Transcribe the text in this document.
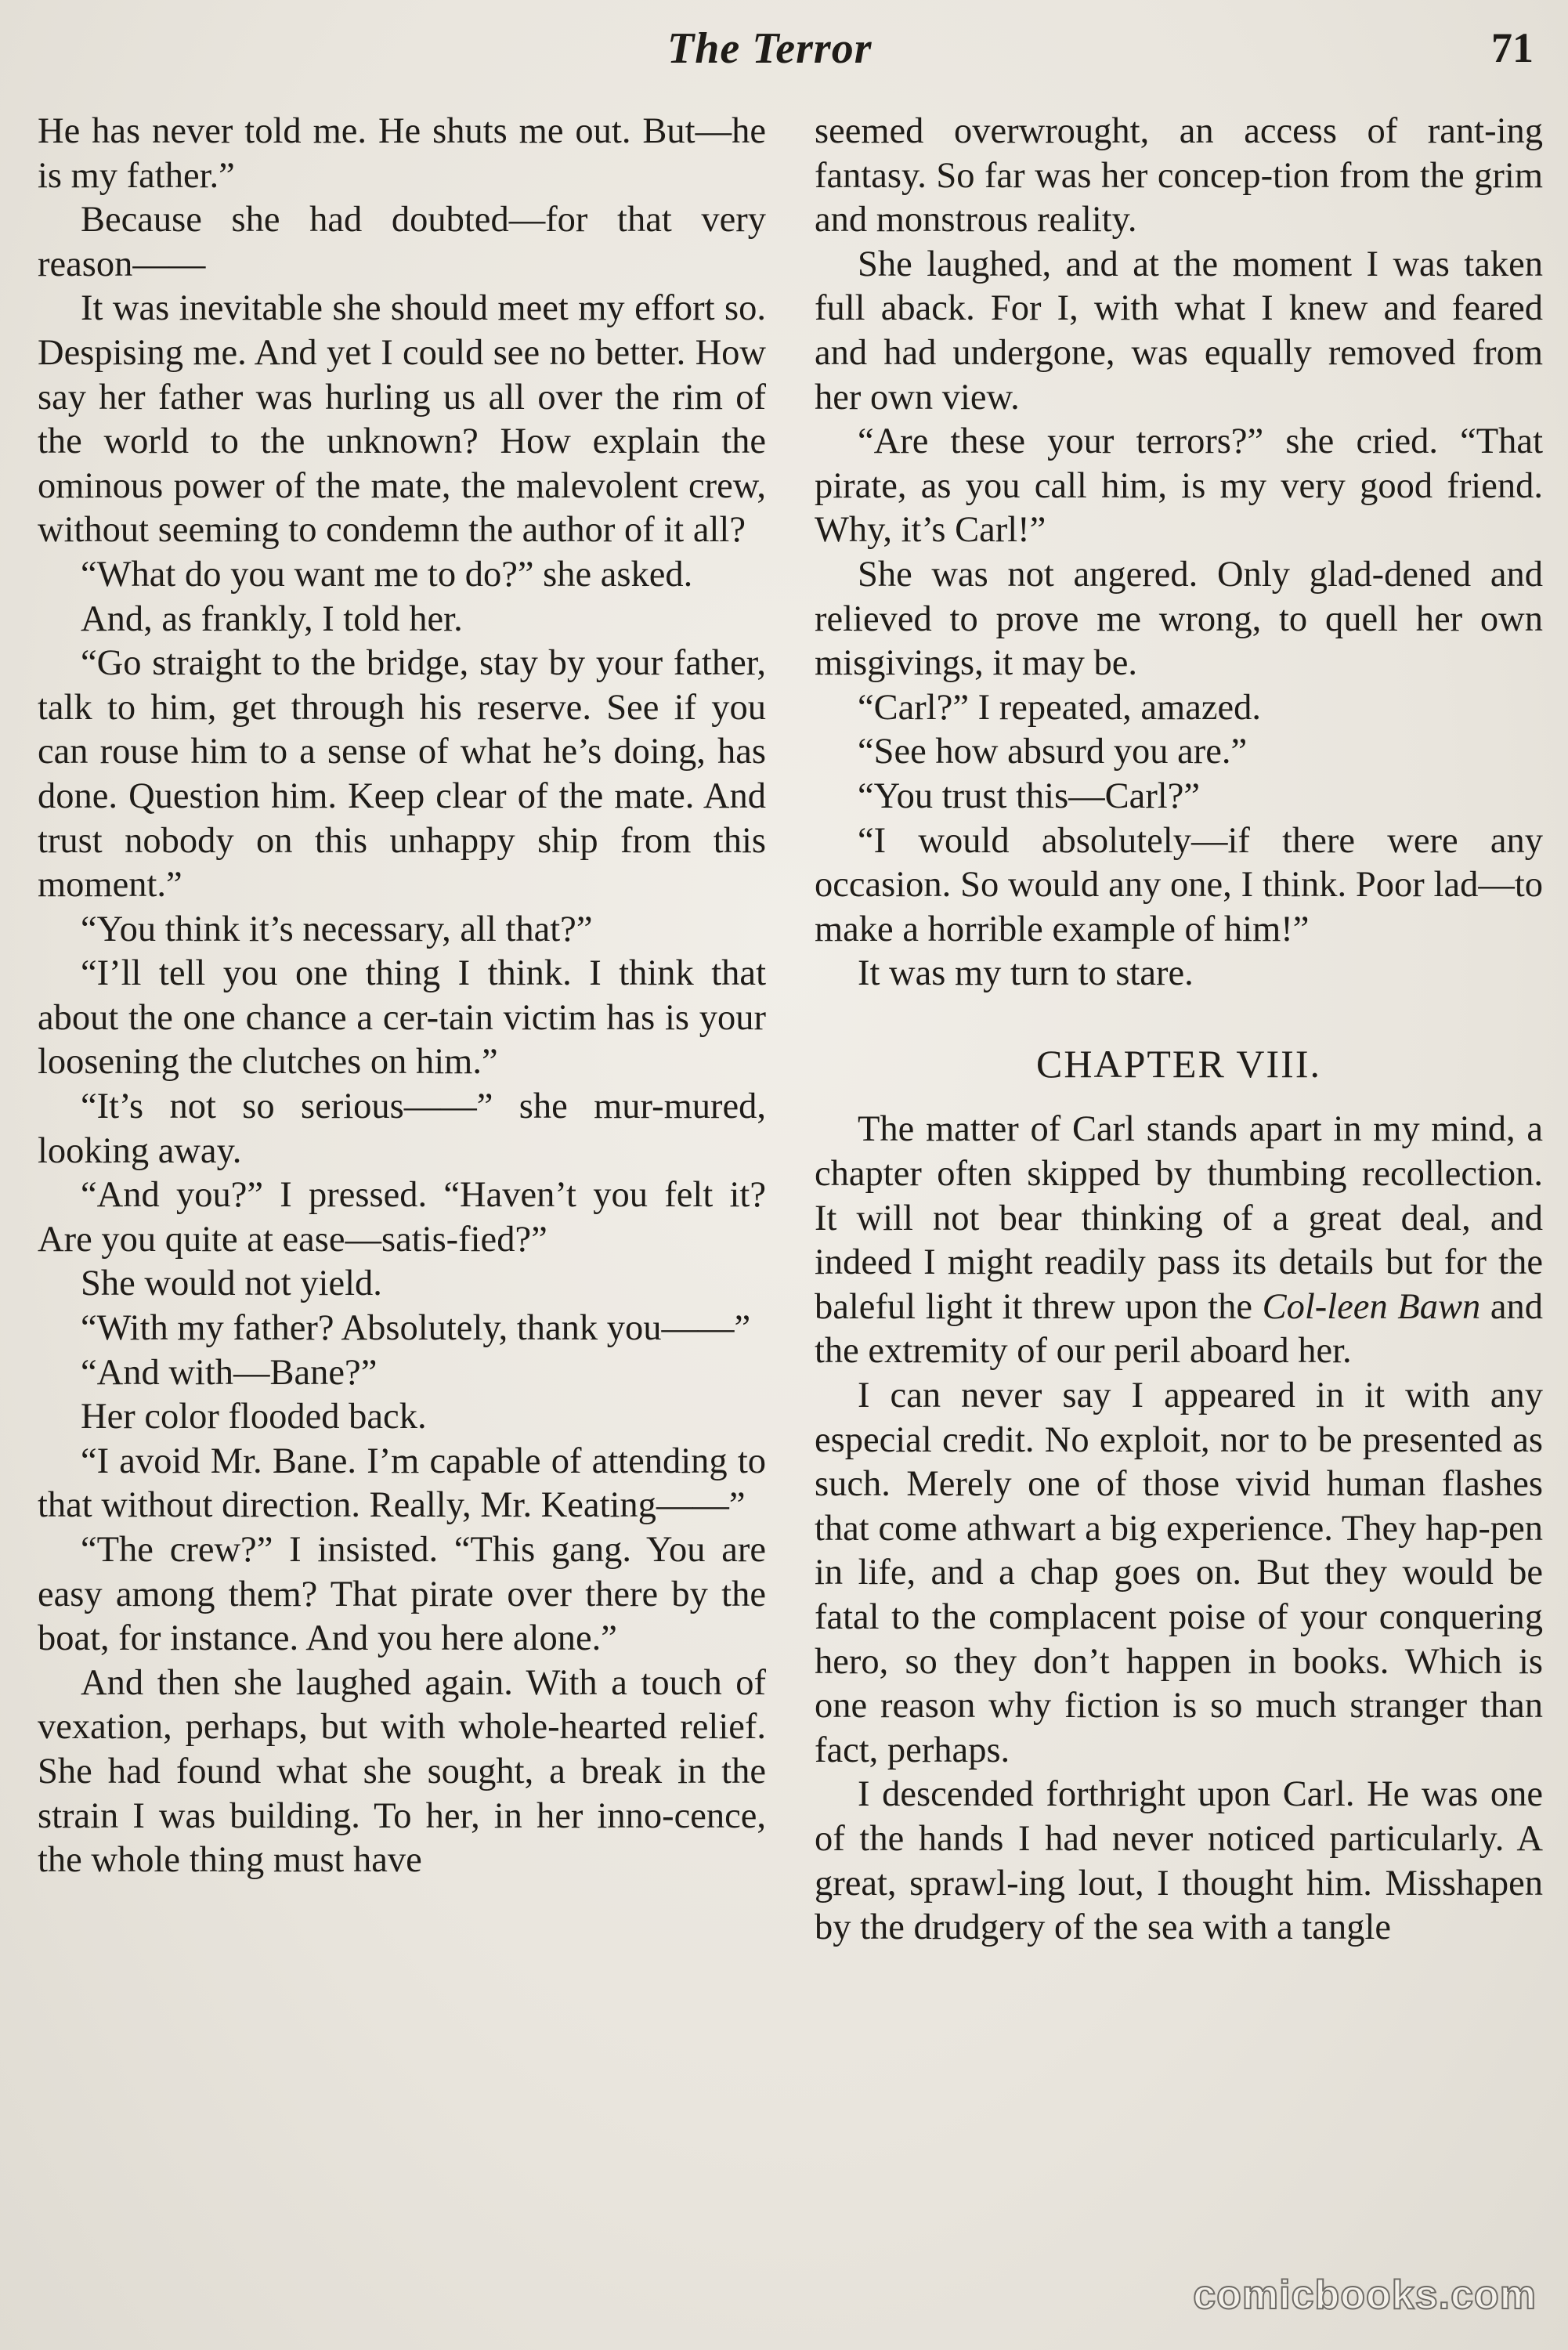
The Terror	71

He has never told me. He shuts me out. But—he is my father.”

Because she had doubted—for that very reason——

It was inevitable she should meet my effort so. Despising me. And yet I could see no better. How say her father was hurling us all over the rim of the world to the unknown? How explain the ominous power of the mate, the malevolent crew, without seeming to condemn the author of it all?

“What do you want me to do?” she asked.

And, as frankly, I told her.

“Go straight to the bridge, stay by your father, talk to him, get through his reserve. See if you can rouse him to a sense of what he’s doing, has done. Question him. Keep clear of the mate. And trust nobody on this unhappy ship from this moment.”

“You think it’s necessary, all that?”

“I’ll tell you one thing I think. I think that about the one chance a cer-tain victim has is your loosening the clutches on him.”

“It’s not so serious——” she mur-mured, looking away.

“And you?” I pressed. “Haven’t you felt it? Are you quite at ease—satis-fied?”

She would not yield.

“With my father? Absolutely, thank you——”

“And with—Bane?”

Her color flooded back.

“I avoid Mr. Bane. I’m capable of attending to that without direction. Really, Mr. Keating——”

“The crew?” I insisted. “This gang. You are easy among them? That pirate over there by the boat, for instance. And you here alone.”

And then she laughed again. With a touch of vexation, perhaps, but with whole-hearted relief. She had found what she sought, a break in the strain I was building. To her, in her inno-cence, the whole thing must have

seemed overwrought, an access of rant-ing fantasy. So far was her concep-tion from the grim and monstrous reality.

She laughed, and at the moment I was taken full aback. For I, with what I knew and feared and had undergone, was equally removed from her own view.

“Are these your terrors?” she cried. “That pirate, as you call him, is my very good friend. Why, it’s Carl!”

She was not angered. Only glad-dened and relieved to prove me wrong, to quell her own misgivings, it may be.

“Carl?” I repeated, amazed.

“See how absurd you are.”

“You trust this—Carl?”

“I would absolutely—if there were any occasion. So would any one, I think. Poor lad—to make a horrible example of him!”

It was my turn to stare.

CHAPTER VIII.

The matter of Carl stands apart in my mind, a chapter often skipped by thumbing recollection. It will not bear thinking of a great deal, and indeed I might readily pass its details but for the baleful light it threw upon the Col-leen Bawn and the extremity of our peril aboard her.

I can never say I appeared in it with any especial credit. No exploit, nor to be presented as such. Merely one of those vivid human flashes that come athwart a big experience. They hap-pen in life, and a chap goes on. But they would be fatal to the complacent poise of your conquering hero, so they don’t happen in books. Which is one reason why fiction is so much stranger than fact, perhaps.

I descended forthright upon Carl. He was one of the hands I had never noticed particularly. A great, sprawl-ing lout, I thought him. Misshapen by the drudgery of the sea with a tangle

comicbooks.com
